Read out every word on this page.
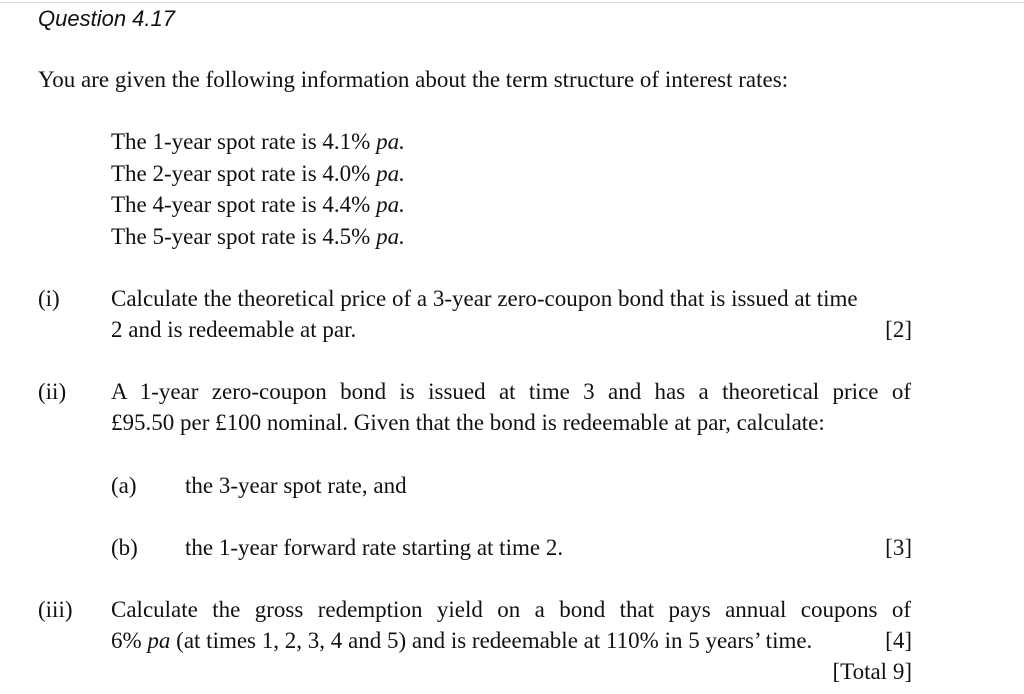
Question 4.17
You are given the following information about the term structure of interest rates:
The 1-year spot rate is 4.1% pa.
The 2-year spot rate is 4.0% pa.
The 4-year spot rate is 4.4% pa.
The 5-year spot rate is 4.5% pa.
(i) Calculate the theoretical price of a 3-year zero-coupon bond that is issued at time
2 and is redeemable at par.	[2]
(ii) A 1-year zero-coupon bond is issued at time 3 and has a theoretical price of
£95.50 per £100 nominal. Given that the bond is redeemable at par, calculate:
(a) the 3-year spot rate, and
(b) the 1-year forward rate starting at time 2.	[3]
(iii) Calculate the gross redemption yield on a bond that pays annual coupons of
6% pa (at times 1, 2, 3, 4 and 5) and is redeemable at 110% in 5 years’ time.	[4]
[Total 9]
